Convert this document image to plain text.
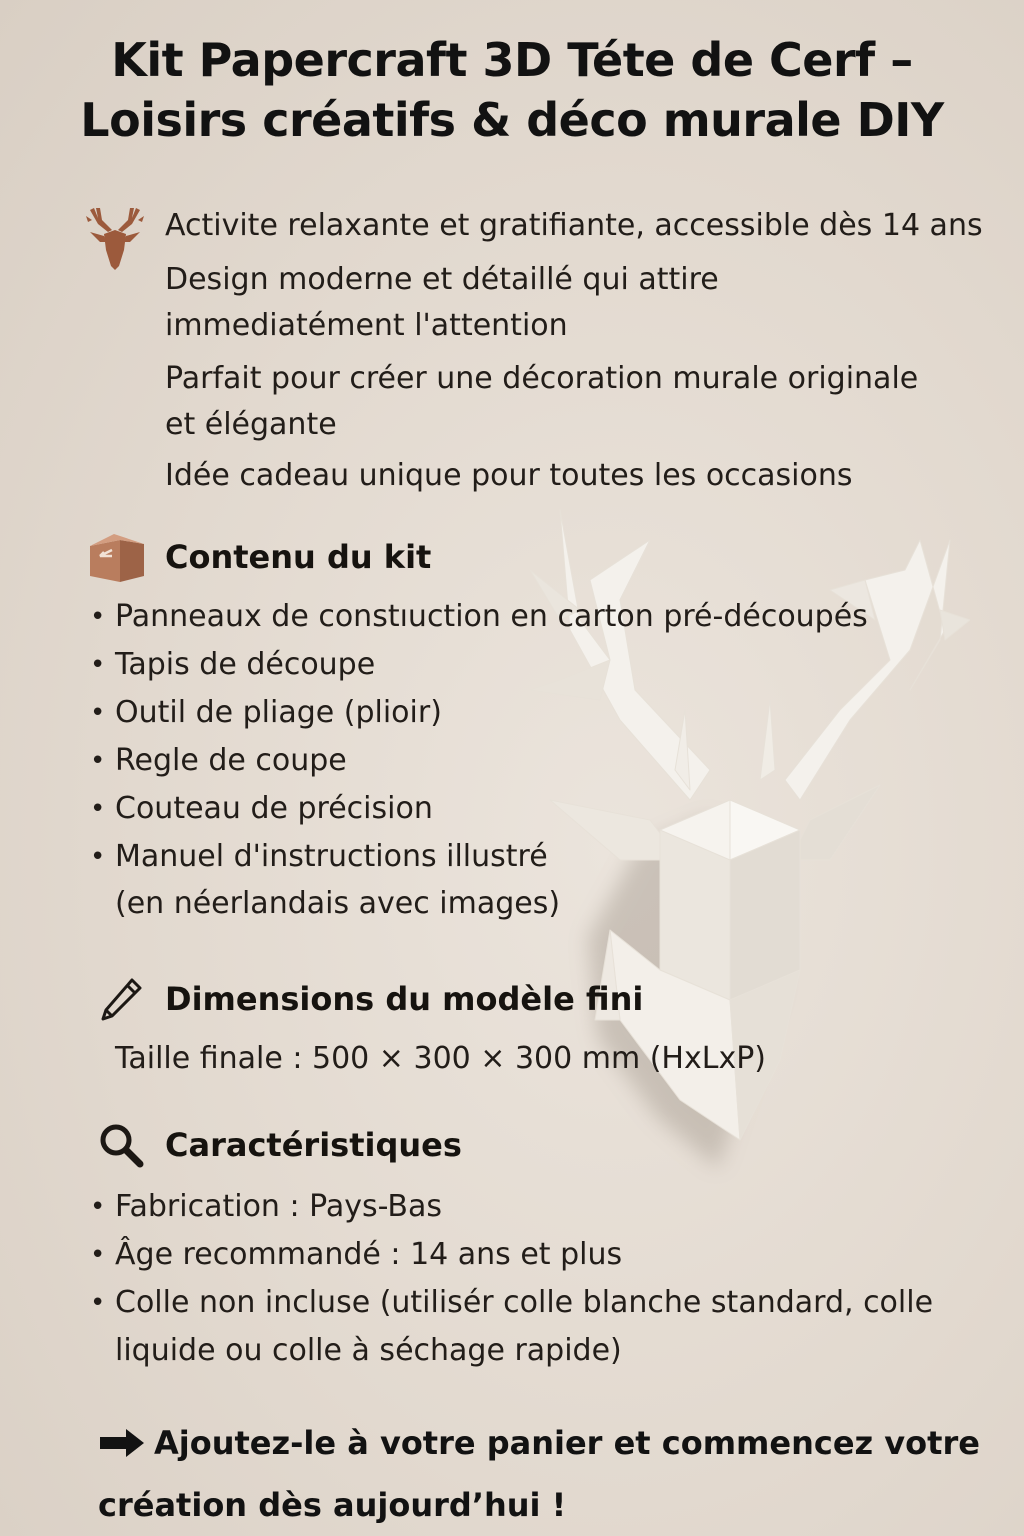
Kit Papercraft 3D Téte de Cerf –
Loisirs créatifs & déco murale DIY
Activite relaxante et gratifiante, accessible dès 14 ans
Design moderne et détaillé qui attire
immediatément l'attention
Parfait pour créer une décoration murale originale
et élégante
Idée cadeau unique pour toutes les occasions
Contenu du kit
• Panneaux de constıuction en carton pré-découpés
• Tapis de découpe
• Outil de pliage (plioir)
• Regle de coupe
• Couteau de précision
• Manuel d'instructions illustré
(en néerlandais avec images)
Dimensions du modèle fini
Taille finale : 500 × 300 × 300 mm (HxLxP)
Caractéristiques
• Fabrication : Pays-Bas
• Âge recommandé : 14 ans et plus
• Colle non incluse (utilisér colle blanche standard, colle
liquide ou colle à séchage rapide)
Ajoutez-le à votre panier et commencez votre
création dès aujourd’hui !
